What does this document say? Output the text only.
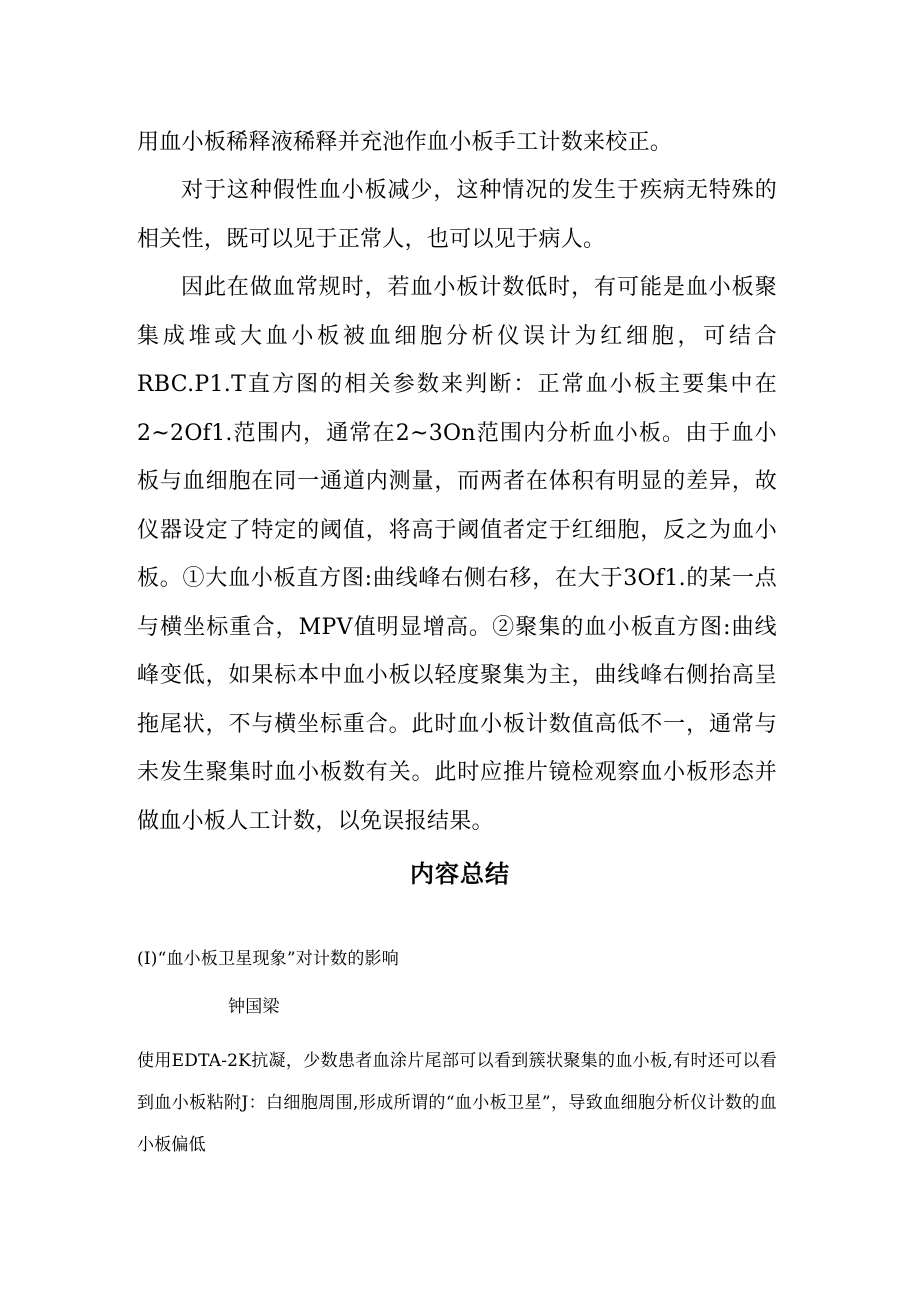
用血小板稀释液稀释并充池作血小板手工计数来校正。

对于这种假性血小板减少，这种情况的发生于疾病无特殊的相关性，既可以见于正常人，也可以见于病人。

因此在做血常规时，若血小板计数低时，有可能是血小板聚集成堆或大血小板被血细胞分析仪误计为红细胞，可结合RBC.P1.T直方图的相关参数来判断：正常血小板主要集中在2~2Of1.范围内，通常在2~3On范围内分析血小板。由于血小板与血细胞在同一通道内测量，而两者在体积有明显的差异，故仪器设定了特定的阈值，将高于阈值者定于红细胞，反之为血小板。①大血小板直方图:曲线峰右侧右移，在大于3Of1.的某一点与横坐标重合，MPV值明显增高。②聚集的血小板直方图:曲线峰变低，如果标本中血小板以轻度聚集为主，曲线峰右侧抬高呈拖尾状，不与横坐标重合。此时血小板计数值高低不一，通常与未发生聚集时血小板数有关。此时应推片镜检观察血小板形态并做血小板人工计数，以免误报结果。

内容总结

(I)“血小板卫星现象”对计数的影响

钟国梁

使用EDTA-2K抗凝，少数患者血涂片尾部可以看到簇状聚集的血小板,有时还可以看到血小板粘附J：白细胞周围,形成所谓的“血小板卫星”，导致血细胞分析仪计数的血小板偏低
